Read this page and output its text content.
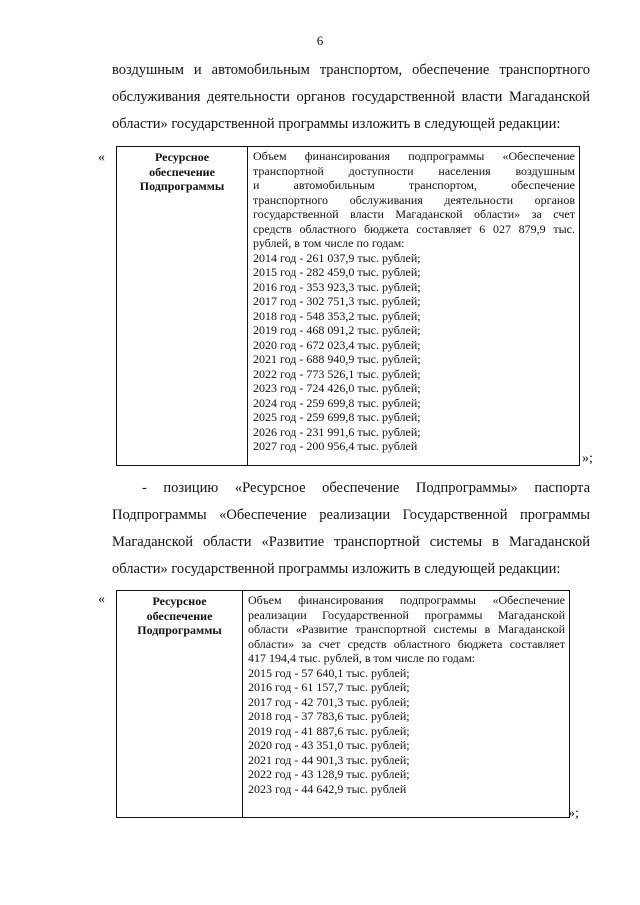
6
воздушным и автомобильным транспортом, обеспечение транспортного
обслуживания деятельности органов государственной власти Магаданской
области» государственной программы изложить в следующей редакции:
«	Ресурсное
обеспечение
Подпрограммы

Объем финансирования подпрограммы «Обеспечение
транспортной доступности населения воздушным
и автомобильным транспортом, обеспечение
транспортного обслуживания деятельности органов
государственной власти Магаданской области» за счет
средств областного бюджета составляет 6 027 879,9 тыс.
рублей, в том числе по годам:
2014 год - 261 037,9 тыс. рублей;
2015 год - 282 459,0 тыс. рублей;
2016 год - 353 923,3 тыс. рублей;
2017 год - 302 751,3 тыс. рублей;
2018 год - 548 353,2 тыс. рублей;
2019 год - 468 091,2 тыс. рублей;
2020 год - 672 023,4 тыс. рублей;
2021 год - 688 940,9 тыс. рублей;
2022 год - 773 526,1 тыс. рублей;
2023 год - 724 426,0 тыс. рублей;
2024 год - 259 699,8 тыс. рублей;
2025 год - 259 699,8 тыс. рублей;
2026 год - 231 991,6 тыс. рублей;
2027 год - 200 956,4 тыс. рублей
»;
- позицию «Ресурсное обеспечение Подпрограммы» паспорта
Подпрограммы «Обеспечение реализации Государственной программы
Магаданской области «Развитие транспортной системы в Магаданской
области» государственной программы изложить в следующей редакции:
«	Ресурсное
обеспечение
Подпрограммы

Объем финансирования подпрограммы «Обеспечение
реализации Государственной программы Магаданской
области «Развитие транспортной системы в Магаданской
области» за счет средств областного бюджета составляет
417 194,4 тыс. рублей, в том числе по годам:
2015 год - 57 640,1 тыс. рублей;
2016 год - 61 157,7 тыс. рублей;
2017 год - 42 701,3 тыс. рублей;
2018 год - 37 783,6 тыс. рублей;
2019 год - 41 887,6 тыс. рублей;
2020 год - 43 351,0 тыс. рублей;
2021 год - 44 901,3 тыс. рублей;
2022 год - 43 128,9 тыс. рублей;
2023 год - 44 642,9 тыс. рублей
»;
